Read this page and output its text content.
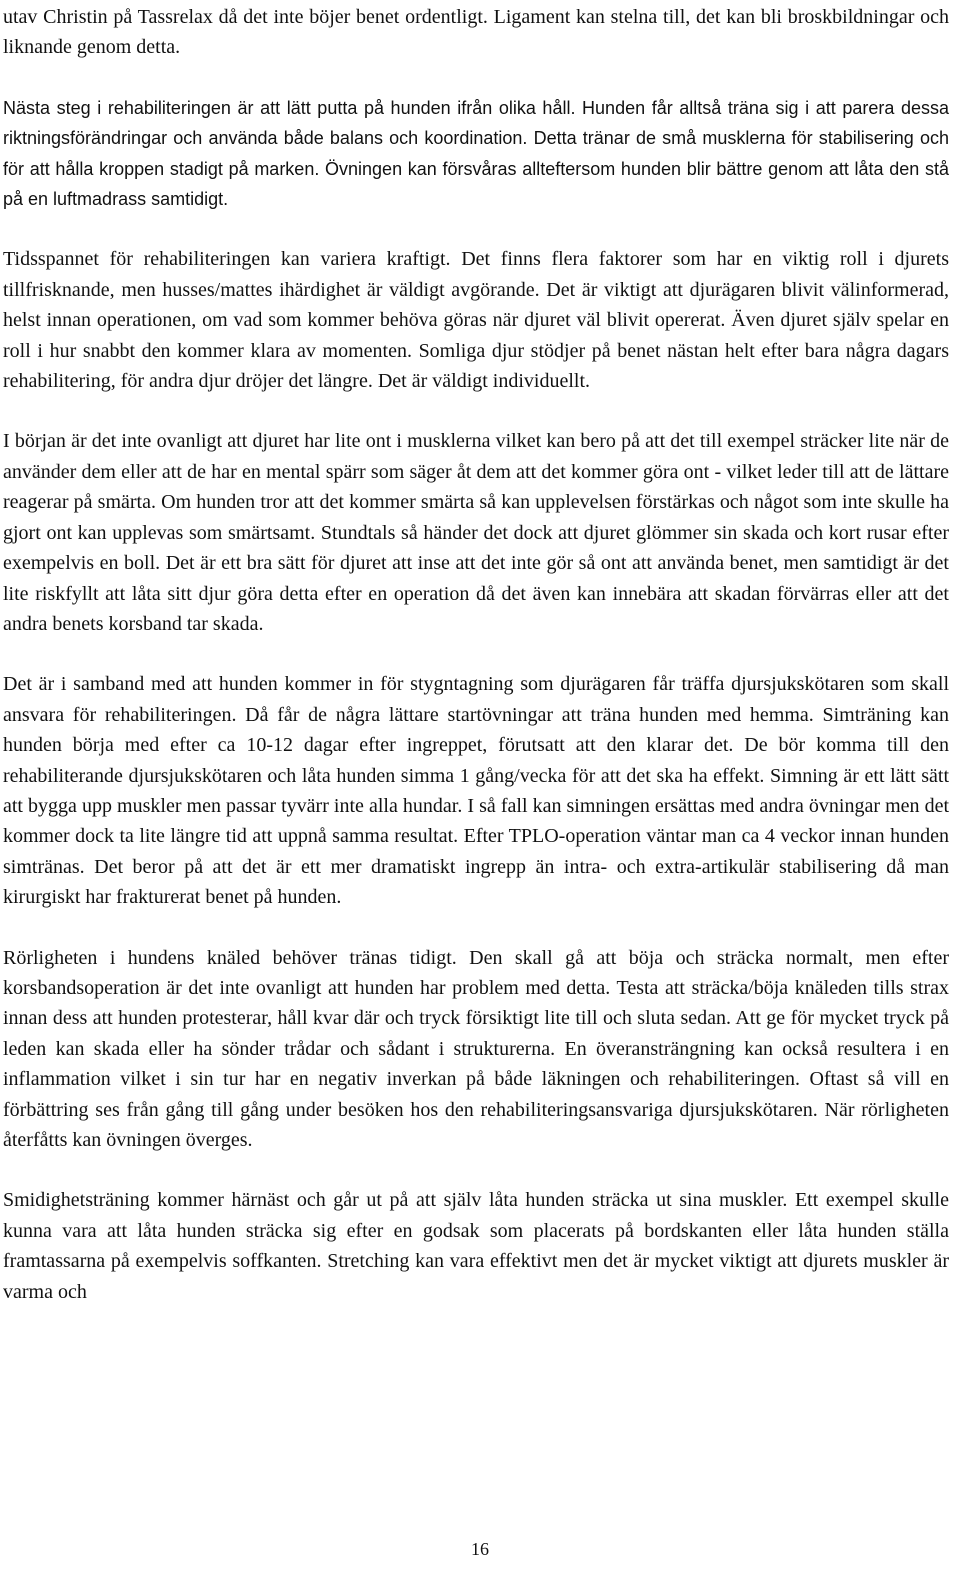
utav Christin på Tassrelax då det inte böjer benet ordentligt. Ligament kan stelna till, det kan bli broskbildningar och liknande genom detta.

Nästa steg i rehabiliteringen är att lätt putta på hunden ifrån olika håll. Hunden får alltså träna sig i att parera dessa riktningsförändringar och använda både balans och koordination. Detta tränar de små musklerna för stabilisering och för att hålla kroppen stadigt på marken. Övningen kan försvåras allteftersom hunden blir bättre genom att låta den stå på en luftmadrass samtidigt.

Tidsspannet för rehabiliteringen kan variera kraftigt. Det finns flera faktorer som har en viktig roll i djurets tillfrisknande, men husses/mattes ihärdighet är väldigt avgörande. Det är viktigt att djurägaren blivit välinformerad, helst innan operationen, om vad som kommer behöva göras när djuret väl blivit opererat. Även djuret själv spelar en roll i hur snabbt den kommer klara av momenten. Somliga djur stödjer på benet nästan helt efter bara några dagars rehabilitering, för andra djur dröjer det längre. Det är väldigt individuellt.

I början är det inte ovanligt att djuret har lite ont i musklerna vilket kan bero på att det till exempel sträcker lite när de använder dem eller att de har en mental spärr som säger åt dem att det kommer göra ont - vilket leder till att de lättare reagerar på smärta. Om hunden tror att det kommer smärta så kan upplevelsen förstärkas och något som inte skulle ha gjort ont kan upplevas som smärtsamt. Stundtals så händer det dock att djuret glömmer sin skada och kort rusar efter exempelvis en boll. Det är ett bra sätt för djuret att inse att det inte gör så ont att använda benet, men samtidigt är det lite riskfyllt att låta sitt djur göra detta efter en operation då det även kan innebära att skadan förvärras eller att det andra benets korsband tar skada.

Det är i samband med att hunden kommer in för stygntagning som djurägaren får träffa djursjukskötaren som skall ansvara för rehabiliteringen. Då får de några lättare startövningar att träna hunden med hemma. Simträning kan hunden börja med efter ca 10-12 dagar efter ingreppet, förutsatt att den klarar det. De bör komma till den rehabiliterande djursjukskötaren och låta hunden simma 1 gång/vecka för att det ska ha effekt. Simning är ett lätt sätt att bygga upp muskler men passar tyvärr inte alla hundar. I så fall kan simningen ersättas med andra övningar men det kommer dock ta lite längre tid att uppnå samma resultat. Efter TPLO-operation väntar man ca 4 veckor innan hunden simtränas. Det beror på att det är ett mer dramatiskt ingrepp än intra- och extra-artikulär stabilisering då man kirurgiskt har frakturerat benet på hunden.

Rörligheten i hundens knäled behöver tränas tidigt. Den skall gå att böja och sträcka normalt, men efter korsbandsoperation är det inte ovanligt att hunden har problem med detta. Testa att sträcka/böja knäleden tills strax innan dess att hunden protesterar, håll kvar där och tryck försiktigt lite till och sluta sedan. Att ge för mycket tryck på leden kan skada eller ha sönder trådar och sådant i strukturerna. En överansträngning kan också resultera i en inflammation vilket i sin tur har en negativ inverkan på både läkningen och rehabiliteringen. Oftast så vill en förbättring ses från gång till gång under besöken hos den rehabiliteringsansvariga djursjukskötaren. När rörligheten återfåtts kan övningen överges.

Smidighetsträning kommer härnäst och går ut på att själv låta hunden sträcka ut sina muskler. Ett exempel skulle kunna vara att låta hunden sträcka sig efter en godsak som placerats på bordskanten eller låta hunden ställa framtassarna på exempelvis soffkanten. Stretching kan vara effektivt men det är mycket viktigt att djurets muskler är varma och

16
